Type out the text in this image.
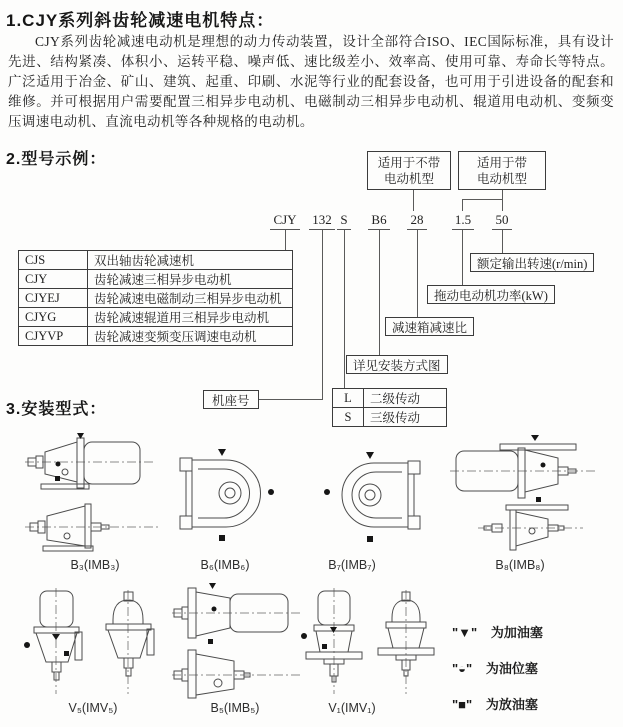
1.CJY系列斜齿轮减速电机特点：
CJY系列齿轮减速电动机是理想的动力传动装置，设计全部符合ISO、IEC国际标准，具有设计先进、结构紧凑、体积小、运转平稳、噪声低、速比级差小、效率高、使用可靠、寿命长等特点。广泛适用于冶金、矿山、建筑、起重、印刷、水泥等行业的配套设备，也可用于引进设备的配套和维修。并可根据用户需要配置三相异步电动机、电磁制动三相异步电动机、辊道用电动机、变频变压调速电动机、直流电动机等各种规格的电动机。
2.型号示例：	适用于不带
电动机型
适用于带
电动机型
CJY 132 S B6 28 1.5 50
CJS	双出轴齿轮减速机
CJY	齿轮减速三相异步电动机
CJYEJ	齿轮减速电磁制动三相异步电动机
CJYG	齿轮减速辊道用三相异步电动机
CJYVP	齿轮减速变频变压调速电动机
额定输出转速(r/min)
拖动电动机功率(kW)
减速箱减速比
详见安装方式图
机座号	L	二级传动
S	三级传动
3.安装型式：
B₃(IMB₃)	B₆(IMB₆)	B₇(IMB₇)	B₈(IMB₈)
V₅(IMV₅)	B₅(IMB₅)	V₁(IMV₁)
"▼" 为加油塞
"◒" 为油位塞
"■" 为放油塞
